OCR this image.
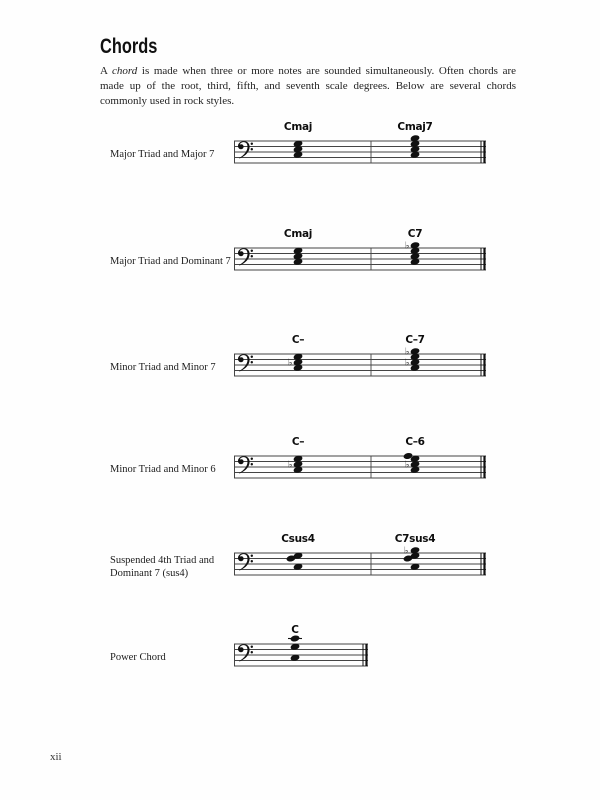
Chords
A chord is made when three or more notes are sounded simultaneously. Often chords are made up of the root, third, fifth, and seventh scale degrees. Below are several chords commonly used in rock styles.
Major Triad and Major 7
Cmaj	Cmaj7
Major Triad and Dominant 7
Cmaj	C7
♭
Minor Triad and Minor 7
C–	C–7
♭
♭
♭
Minor Triad and Minor 6
C–	C–6
♭	♭
Suspended 4th Triad and
Dominant 7 (sus4)
Csus4	C7sus4
♭
Power Chord
C
xii
